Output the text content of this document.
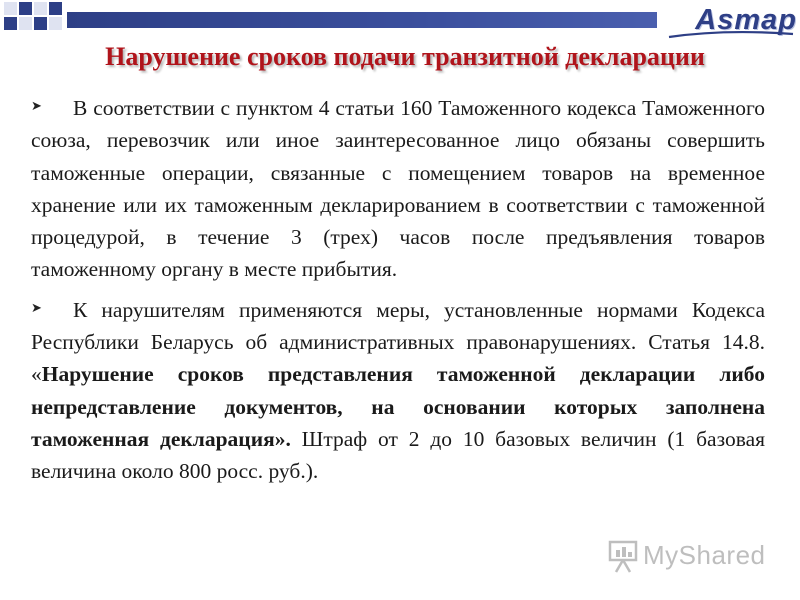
Asmap
Нарушение сроков подачи транзитной декларации

➤	В соответствии с пунктом 4 статьи 160 Таможенного кодекса Таможенного союза, перевозчик или иное заинтересованное лицо обязаны совершить таможенные операции, связанные с помещением товаров на временное хранение или их таможенным декларированием в соответствии с таможенной процедурой, в течение 3 (трех) часов после предъявления товаров таможенному органу в месте прибытия.

➤	К нарушителям применяются меры, установленные нормами Кодекса Республики Беларусь об административных правонарушениях. Статья 14.8. «Нарушение сроков представления таможенной декларации либо непредставление документов, на основании которых заполнена таможенная декларация». Штраф от 2 до 10 базовых величин (1 базовая величина около 800 росс. руб.).

MyShared
